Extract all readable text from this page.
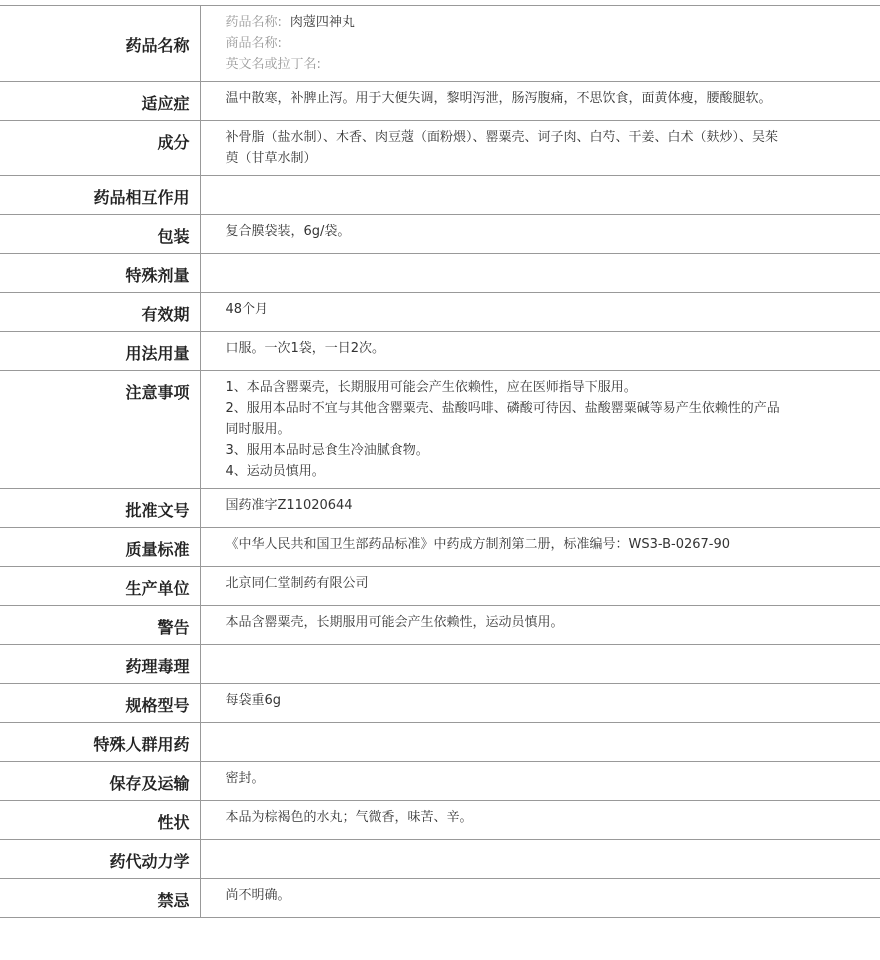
药品名称	药品名称: 肉蔻四神丸
商品名称:
英文名或拉丁名:

适应症	温中散寒，补脾止泻。用于大便失调，黎明泻泄，肠泻腹痛，不思饮食，面黄体瘦，腰酸腿软。

成分	补骨脂（盐水制）、木香、肉豆蔻（面粉煨）、罂粟壳、诃子肉、白芍、干姜、白术（麸炒）、吴茱萸（甘草水制）

药品相互作用	

包装	复合膜袋装，6g/袋。

特殊剂量	

有效期	48个月

用法用量	口服。一次1袋，一日2次。

注意事项	1、本品含罂粟壳，长期服用可能会产生依赖性，应在医师指导下服用。
2、服用本品时不宜与其他含罂粟壳、盐酸吗啡、磷酸可待因、盐酸罂粟碱等易产生依赖性的产品同时服用。
3、服用本品时忌食生冷油腻食物。
4、运动员慎用。

批准文号	国药准字Z11020644

质量标准	《中华人民共和国卫生部药品标准》中药成方制剂第二册，标准编号：WS3-B-0267-90

生产单位	北京同仁堂制药有限公司

警告	本品含罂粟壳，长期服用可能会产生依赖性，运动员慎用。

药理毒理	

规格型号	每袋重6g

特殊人群用药	

保存及运输	密封。

性状	本品为棕褐色的水丸；气微香，味苦、辛。

药代动力学	

禁忌	尚不明确。
